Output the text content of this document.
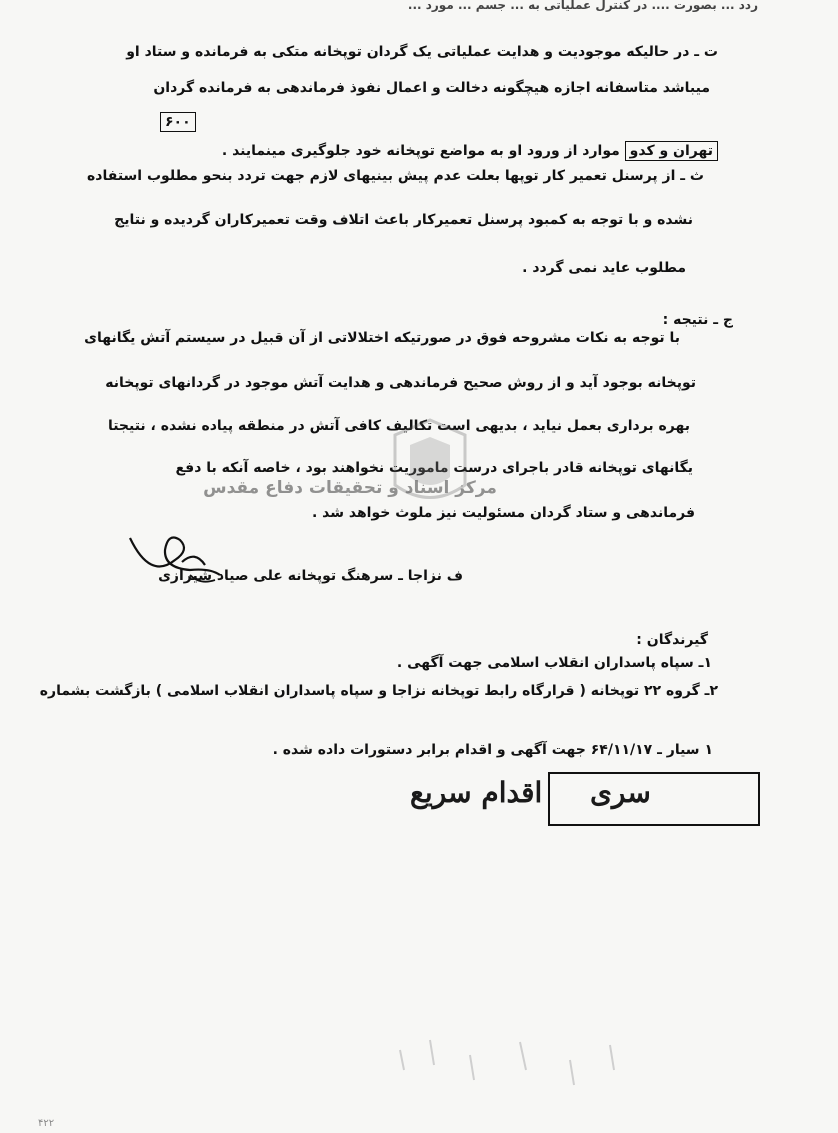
ردد ... بصورت .... در کنترل عملیاتی به ... جسم ... مورد ...
ت ـ در حالیکه موجودیت و هدایت عملیاتی یک گردان توپخانه متکی به فرمانده و ستاد او
میباشد متاسفانه اجازه هیچگونه دخالت و اعمال نفوذ فرماندهی به فرمانده گردان
۶۰۰
تهران و کدو موارد از ورود او به مواضع توپخانه خود جلوگیری مینمایند .
ث ـ از پرسنل تعمیر کار توپها بعلت عدم پیش بینیهای لازم جهت تردد بنحو مطلوب استفاده
نشده و با توجه به کمبود پرسنل تعمیرکار باعث اتلاف وقت تعمیرکاران گردیده و نتایج
مطلوب عاید نمی گردد .
ج ـ نتیجه :
با توجه به نکات مشروحه فوق در صورتیکه اختلالاتی از آن قبیل در سیستم آتش یگانهای
توپخانه بوجود آید و از روش صحیح فرماندهی و هدایت آتش موجود در گردانهای توپخانه
بهره برداری بعمل نیاید ، بدیهی است تکالیف کافی آتش در منطقه پیاده نشده ، نتیجتا
یگانهای توپخانه قادر باجرای درست ماموریت نخواهند بود ، خاصه آنکه با دفع
فرماندهی و ستاد گردان مسئولیت نیز ملوث خواهد شد .
مرکز اسناد و تحقیقات دفاع مقدس
ف نزاجا ـ سرهنگ توپخانه علی صیاد شیرازی
گیرندگان :
۱ـ سپاه پاسداران انقلاب اسلامی جهت آگهی .
۲ـ گروه ۲۲ توپخانه ( قرارگاه رابط توپخانه نزاجا و سپاه پاسداران انقلاب اسلامی ) بازگشت بشماره
۱ سیار ـ ۶۴/۱۱/۱۷ جهت آگهی و اقدام برابر دستورات داده شده .
سری
اقدام سریع
۴۲۲
